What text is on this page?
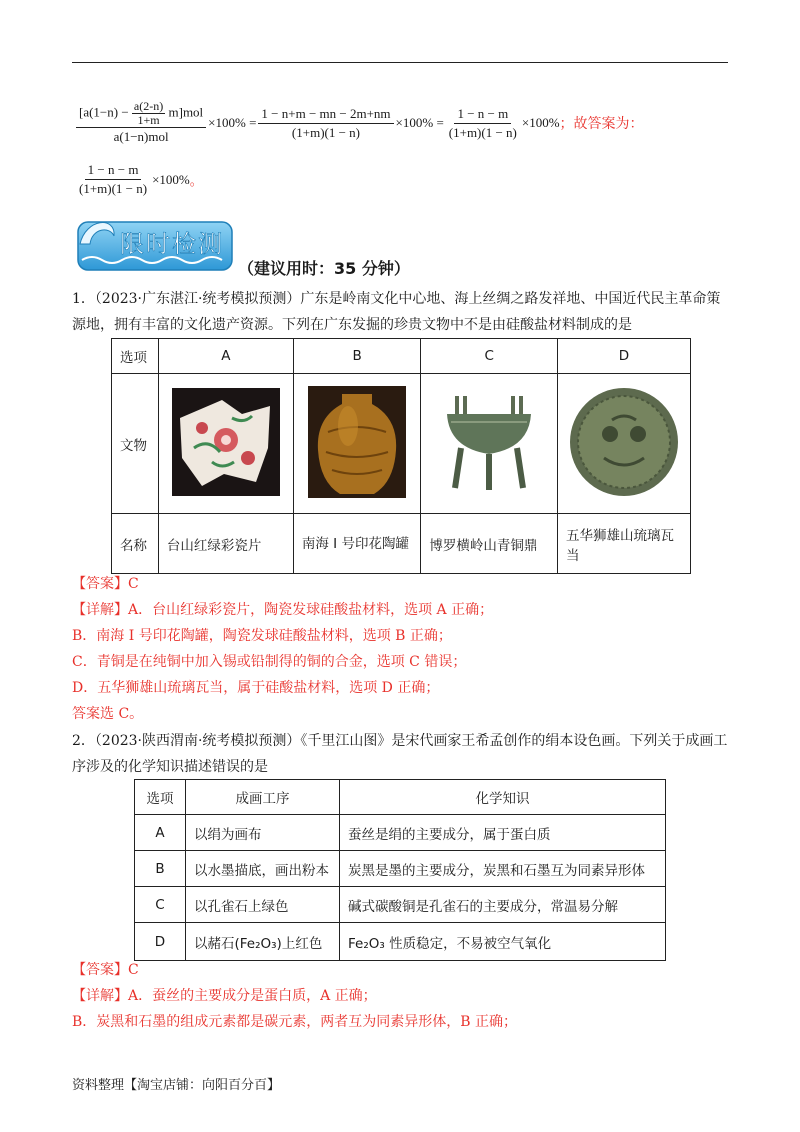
$\frac{[a(1-n) - \frac{a(2-n)}{1+m} m]mol}{\text{a(1−n)mol}} \times 100\% = \frac{1 - n+m - mn - 2m+nm}{(1+m)(1 - n)} \times 100\% = \frac{1 - n - m}{(1+m)(1 - n)} \times 100\%$ ；故答案为：
$\frac{1 - n - m}{(1+m)(1 - n)} \times 100\%$ 。
限时检测
（建议用时：35 分钟）
1．（2023·广东湛江·统考模拟预测）广东是岭南文化中心地、海上丝绸之路发祥地、中国近代民主革命策源地，拥有丰富的文化遗产资源。下列在广东发掘的珍贵文物中不是由硅酸盐材料制成的是
选项	A	B	C	D
文物				
名称	台山红绿彩瓷片	南海 I 号印花陶罐	博罗横岭山青铜鼎	五华狮雄山琉璃瓦当
【答案】C
【详解】A．台山红绿彩瓷片，陶瓷发球硅酸盐材料，选项 A 正确；
B．南海 I 号印花陶罐，陶瓷发球硅酸盐材料，选项 B 正确；
C．青铜是在纯铜中加入锡或铅制得的铜的合金，选项 C 错误；
D．五华狮雄山琉璃瓦当，属于硅酸盐材料，选项 D 正确；
答案选 C。
2．（2023·陕西渭南·统考模拟预测）《千里江山图》是宋代画家王希孟创作的绢本设色画。下列关于成画工序涉及的化学知识描述错误的是
选项	成画工序	化学知识
A	以绢为画布	蚕丝是绢的主要成分，属于蛋白质
B	以水墨描底，画出粉本	炭黑是墨的主要成分，炭黑和石墨互为同素异形体
C	以孔雀石上绿色	碱式碳酸铜是孔雀石的主要成分，常温易分解
D	以赭石(Fe₂O₃)上红色	Fe₂O₃ 性质稳定，不易被空气氧化
【答案】C
【详解】A．蚕丝的主要成分是蛋白质，A 正确；
B．炭黑和石墨的组成元素都是碳元素，两者互为同素异形体，B 正确；
资料整理【淘宝店铺：向阳百分百】
